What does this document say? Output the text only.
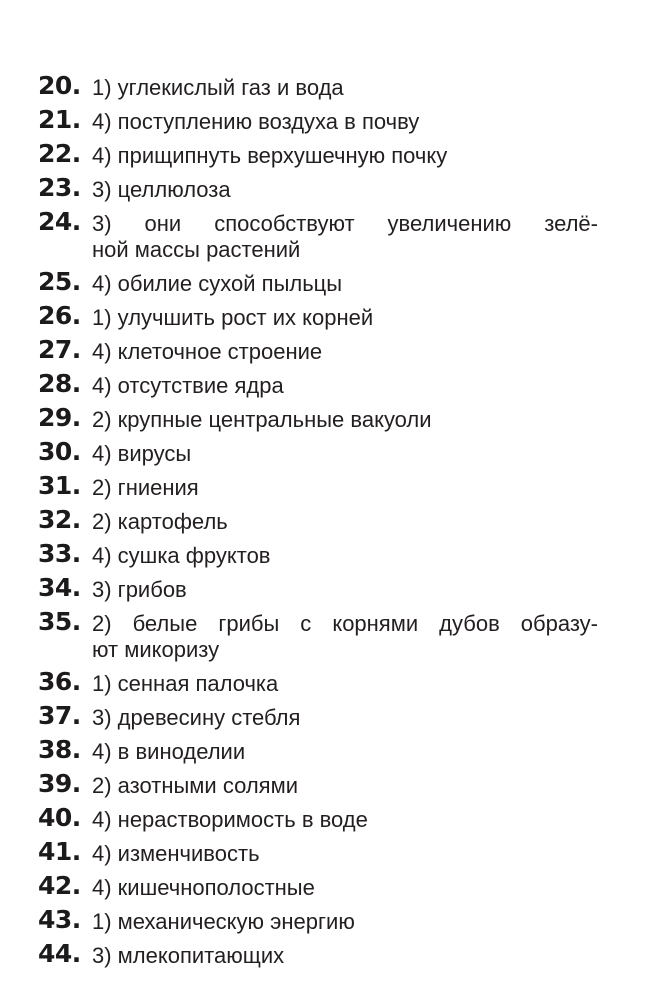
20. 1) углекислый газ и вода
21. 4) поступлению воздуха в почву
22. 4) прищипнуть верхушечную почку
23. 3) целлюлоза
24. 3) они способствуют увеличению зелё-
ной массы растений
25. 4) обилие сухой пыльцы
26. 1) улучшить рост их корней
27. 4) клеточное строение
28. 4) отсутствие ядра
29. 2) крупные центральные вакуоли
30. 4) вирусы
31. 2) гниения
32. 2) картофель
33. 4) сушка фруктов
34. 3) грибов
35. 2) белые грибы с корнями дубов образу-
ют микоризу
36. 1) сенная палочка
37. 3) древесину стебля
38. 4) в виноделии
39. 2) азотными солями
40. 4) нерастворимость в воде
41. 4) изменчивость
42. 4) кишечнополостные
43. 1) механическую энергию
44. 3) млекопитающих
